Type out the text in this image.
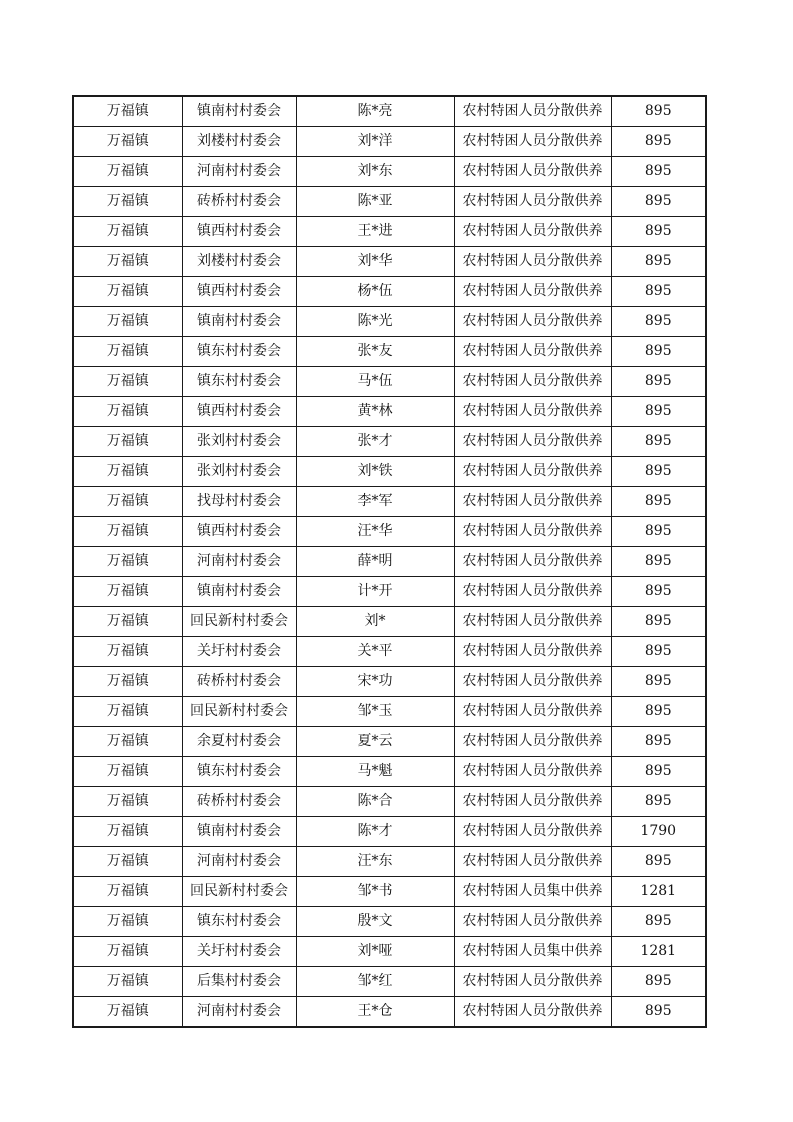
万福镇	镇南村村委会	陈*亮	农村特困人员分散供养	895
万福镇	刘楼村村委会	刘*洋	农村特困人员分散供养	895
万福镇	河南村村委会	刘*东	农村特困人员分散供养	895
万福镇	砖桥村村委会	陈*亚	农村特困人员分散供养	895
万福镇	镇西村村委会	王*进	农村特困人员分散供养	895
万福镇	刘楼村村委会	刘*华	农村特困人员分散供养	895
万福镇	镇西村村委会	杨*伍	农村特困人员分散供养	895
万福镇	镇南村村委会	陈*光	农村特困人员分散供养	895
万福镇	镇东村村委会	张*友	农村特困人员分散供养	895
万福镇	镇东村村委会	马*伍	农村特困人员分散供养	895
万福镇	镇西村村委会	黄*林	农村特困人员分散供养	895
万福镇	张刘村村委会	张*才	农村特困人员分散供养	895
万福镇	张刘村村委会	刘*铁	农村特困人员分散供养	895
万福镇	找母村村委会	李*军	农村特困人员分散供养	895
万福镇	镇西村村委会	汪*华	农村特困人员分散供养	895
万福镇	河南村村委会	薛*明	农村特困人员分散供养	895
万福镇	镇南村村委会	计*开	农村特困人员分散供养	895
万福镇	回民新村村委会	刘*	农村特困人员分散供养	895
万福镇	关圩村村委会	关*平	农村特困人员分散供养	895
万福镇	砖桥村村委会	宋*功	农村特困人员分散供养	895
万福镇	回民新村村委会	邹*玉	农村特困人员分散供养	895
万福镇	余夏村村委会	夏*云	农村特困人员分散供养	895
万福镇	镇东村村委会	马*魁	农村特困人员分散供养	895
万福镇	砖桥村村委会	陈*合	农村特困人员分散供养	895
万福镇	镇南村村委会	陈*才	农村特困人员分散供养	1790
万福镇	河南村村委会	汪*东	农村特困人员分散供养	895
万福镇	回民新村村委会	邹*书	农村特困人员集中供养	1281
万福镇	镇东村村委会	殷*文	农村特困人员分散供养	895
万福镇	关圩村村委会	刘*哑	农村特困人员集中供养	1281
万福镇	后集村村委会	邹*红	农村特困人员分散供养	895
万福镇	河南村村委会	王*仓	农村特困人员分散供养	895
